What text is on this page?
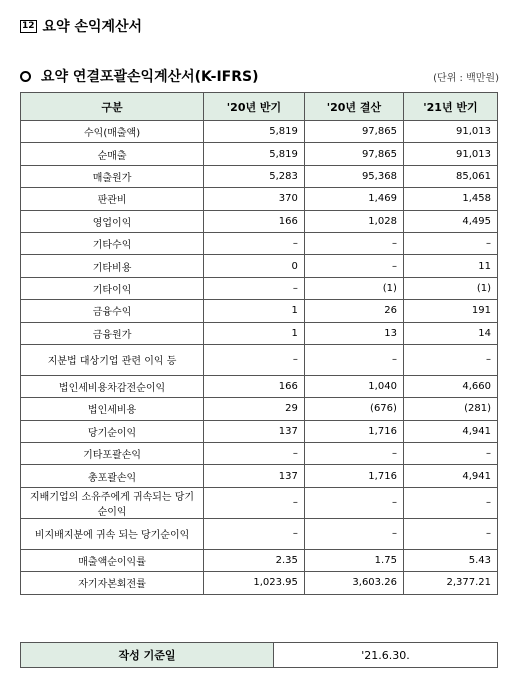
12 요약 손익계산서
요약 연결포괄손익계산서(K-IFRS)	(단위 : 백만원)
구분	'20년 반기	'20년 결산	'21년 반기
수익(매출액)	5,819	97,865	91,013
순매출	5,819	97,865	91,013
매출원가	5,283	95,368	85,061
판관비	370	1,469	1,458
영업이익	166	1,028	4,495
기타수익	–	–	–
기타비용	0	–	11
기타이익	–	(1)	(1)
금융수익	1	26	191
금융원가	1	13	14
지분법 대상기업 관련 이익 등	–	–	–
법인세비용차감전순이익	166	1,040	4,660
법인세비용	29	(676)	(281)
당기순이익	137	1,716	4,941
기타포괄손익	–	–	–
총포괄손익	137	1,716	4,941
지배기업의 소유주에게 귀속되는 당기순이익	–	–	–
비지배지분에 귀속 되는 당기순이익	–	–	–
매출액순이익률	2.35	1.75	5.43
자기자본회전률	1,023.95	3,603.26	2,377.21
작성 기준일	'21.6.30.
